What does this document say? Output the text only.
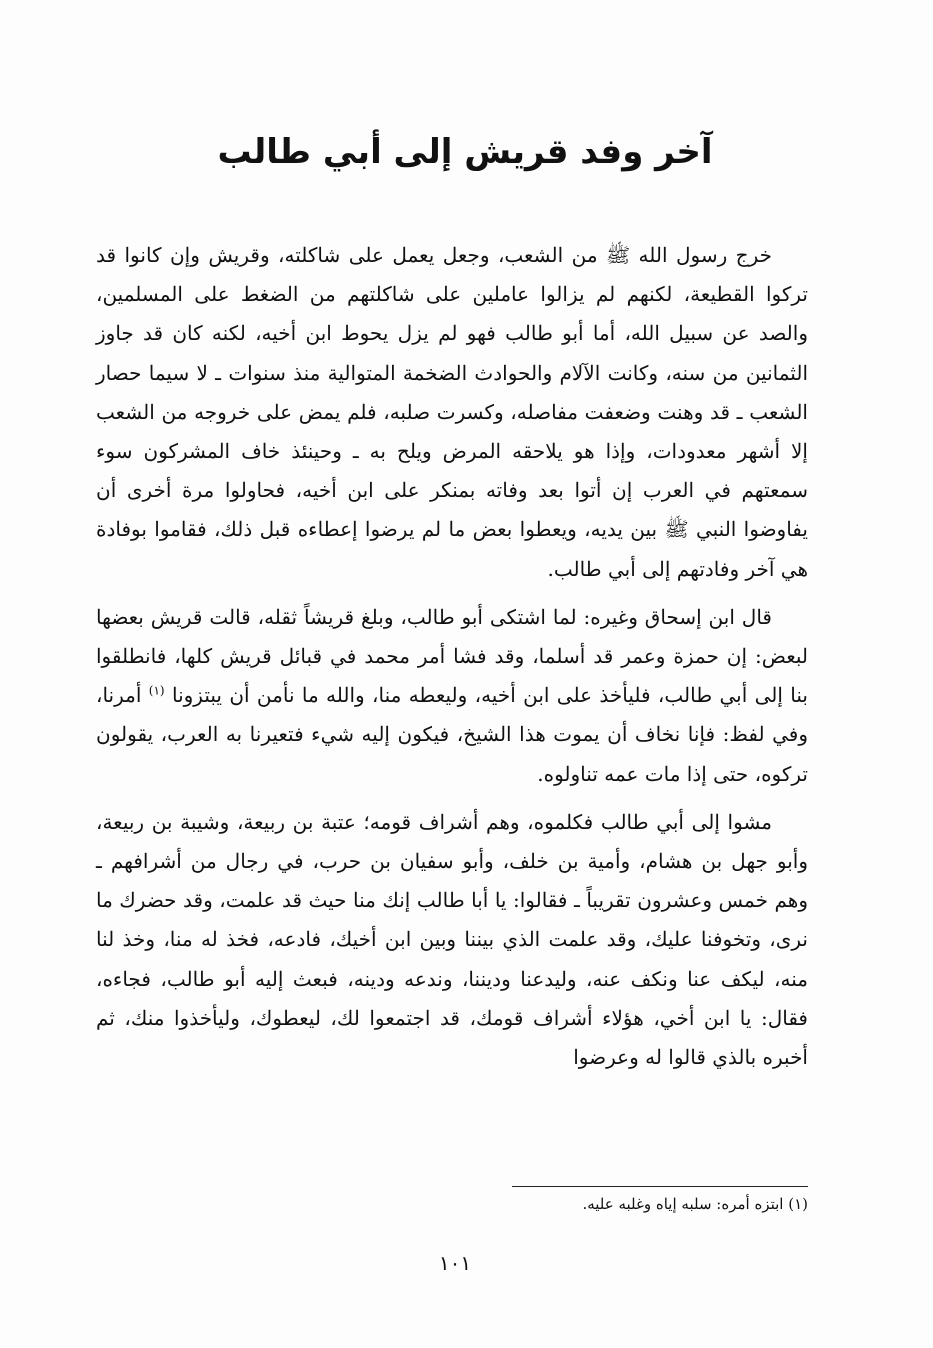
آخر وفد قريش إلى أبي طالب

خرج رسول الله ﷺ من الشعب، وجعل يعمل على شاكلته، وقريش وإن كانوا قد تركوا القطيعة، لكنهم لم يزالوا عاملين على شاكلتهم من الضغط على المسلمين، والصد عن سبيل الله، أما أبو طالب فهو لم يزل يحوط ابن أخيه، لكنه كان قد جاوز الثمانين من سنه، وكانت الآلام والحوادث الضخمة المتوالية منذ سنوات ـ لا سيما حصار الشعب ـ قد وهنت وضعفت مفاصله، وكسرت صلبه، فلم يمض على خروجه من الشعب إلا أشهر معدودات، وإذا هو يلاحقه المرض ويلح به ـ وحينئذ خاف المشركون سوء سمعتهم في العرب إن أتوا بعد وفاته بمنكر على ابن أخيه، فحاولوا مرة أخرى أن يفاوضوا النبي ﷺ بين يديه، ويعطوا بعض ما لم يرضوا إعطاءه قبل ذلك، فقاموا بوفادة هي آخر وفادتهم إلى أبي طالب.

قال ابن إسحاق وغيره: لما اشتكى أبو طالب، وبلغ قريشاً ثقله، قالت قريش بعضها لبعض: إن حمزة وعمر قد أسلما، وقد فشا أمر محمد في قبائل قريش كلها، فانطلقوا بنا إلى أبي طالب، فليأخذ على ابن أخيه، وليعطه منا، والله ما نأمن أن يبتزونا $^{(١)}$ أمرنا، وفي لفظ: فإنا نخاف أن يموت هذا الشيخ، فيكون إليه شيء فتعيرنا به العرب، يقولون تركوه، حتى إذا مات عمه تناولوه.

مشوا إلى أبي طالب فكلموه، وهم أشراف قومه؛ عتبة بن ربيعة، وشيبة بن ربيعة، وأبو جهل بن هشام، وأمية بن خلف، وأبو سفيان بن حرب، في رجال من أشرافهم ـ وهم خمس وعشرون تقريباً ـ فقالوا: يا أبا طالب إنك منا حيث قد علمت، وقد حضرك ما نرى، وتخوفنا عليك، وقد علمت الذي بيننا وبين ابن أخيك، فادعه، فخذ له منا، وخذ لنا منه، ليكف عنا ونكف عنه، وليدعنا وديننا، وندعه ودينه، فبعث إليه أبو طالب، فجاءه، فقال: يا ابن أخي، هؤلاء أشراف قومك، قد اجتمعوا لك، ليعطوك، وليأخذوا منك، ثم أخبره بالذي قالوا له وعرضوا

(١) ابتزه أمره: سلبه إياه وغلبه عليه.
١٠١
